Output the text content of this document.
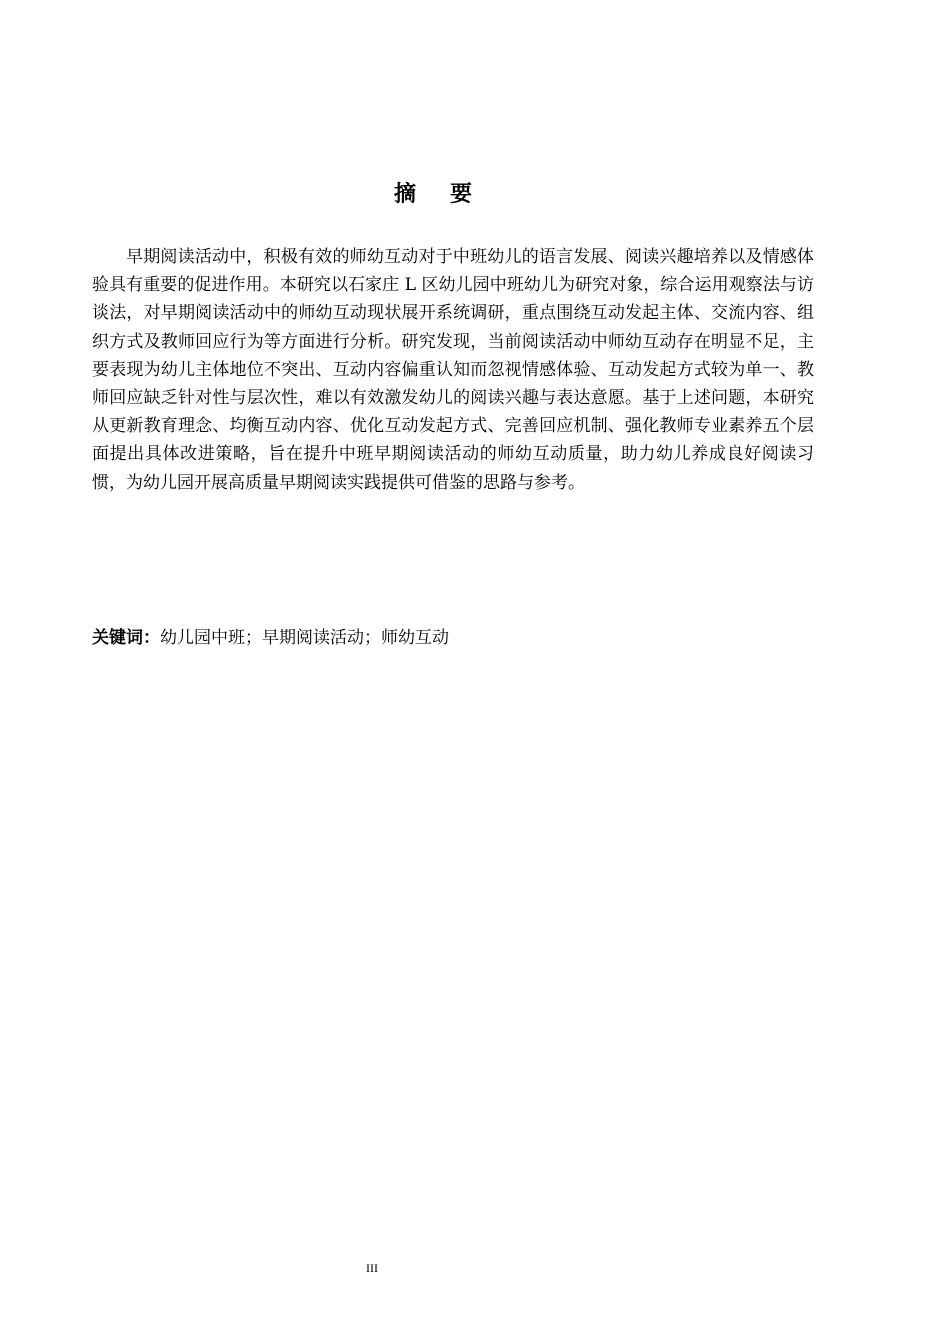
摘要

早期阅读活动中，积极有效的师幼互动对于中班幼儿的语言发展、阅读兴趣培养以及情感体验具有重要的促进作用。本研究以石家庄 L 区幼儿园中班幼儿为研究对象，综合运用观察法与访谈法，对早期阅读活动中的师幼互动现状展开系统调研，重点围绕互动发起主体、交流内容、组织方式及教师回应行为等方面进行分析。研究发现，当前阅读活动中师幼互动存在明显不足，主要表现为幼儿主体地位不突出、互动内容偏重认知而忽视情感体验、互动发起方式较为单一、教师回应缺乏针对性与层次性，难以有效激发幼儿的阅读兴趣与表达意愿。基于上述问题，本研究从更新教育理念、均衡互动内容、优化互动发起方式、完善回应机制、强化教师专业素养五个层面提出具体改进策略，旨在提升中班早期阅读活动的师幼互动质量，助力幼儿养成良好阅读习惯，为幼儿园开展高质量早期阅读实践提供可借鉴的思路与参考。

关键词：幼儿园中班；早期阅读活动；师幼互动

III
